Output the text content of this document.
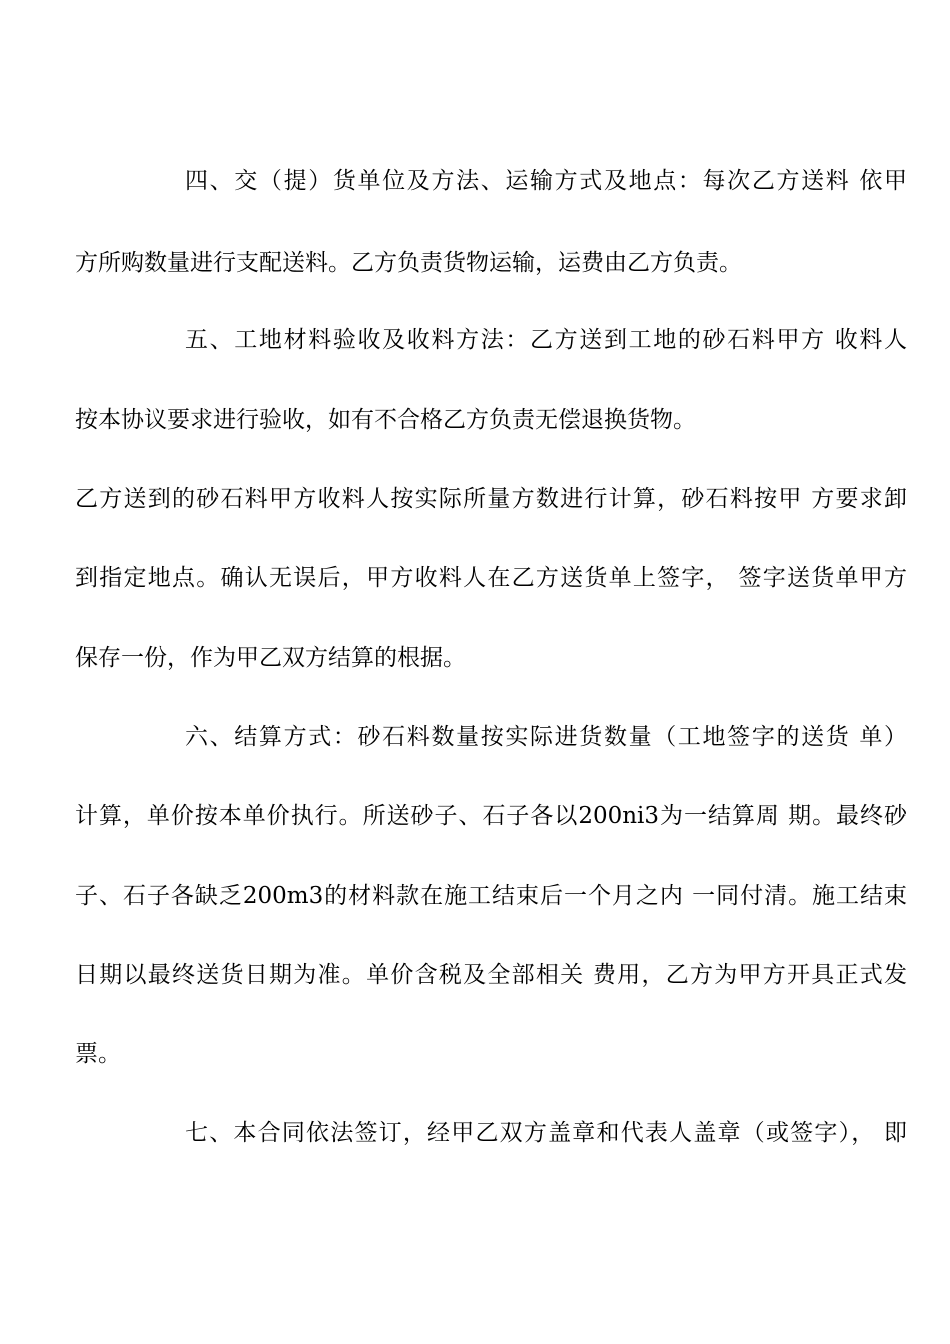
四、交（提）货单位及方法、运输方式及地点：每次乙方送料 依甲
方所购数量进行支配送料。乙方负责货物运输，运费由乙方负责。
五、工地材料验收及收料方法：乙方送到工地的砂石料甲方 收料人
按本协议要求进行验收，如有不合格乙方负责无偿退换货物。
乙方送到的砂石料甲方收料人按实际所量方数进行计算，砂石料按甲 方要求卸
到指定地点。确认无误后，甲方收料人在乙方送货单上签字， 签字送货单甲方
保存一份，作为甲乙双方结算的根据。
六、结算方式：砂石料数量按实际进货数量（工地签字的送货 单）
计算，单价按本单价执行。所送砂子、石子各以200ni3为一结算周 期。最终砂
子、石子各缺乏200m3的材料款在施工结束后一个月之内 一同付清。施工结束
日期以最终送货日期为准。单价含税及全部相关 费用，乙方为甲方开具正式发
票。
七、本合同依法签订，经甲乙双方盖章和代表人盖章（或签字）， 即
